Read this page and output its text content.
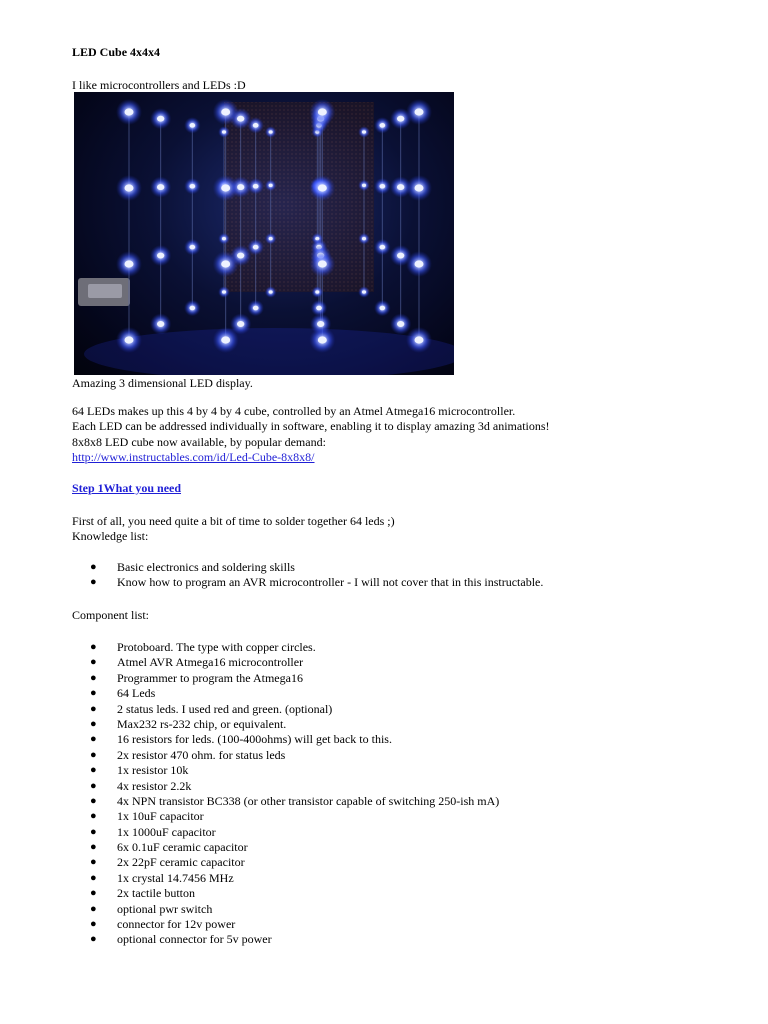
LED Cube 4x4x4

I like microcontrollers and LEDs :D

Amazing 3 dimensional LED display.

64 LEDs makes up this 4 by 4 by 4 cube, controlled by an Atmel Atmega16 microcontroller.
Each LED can be addressed individually in software, enabling it to display amazing 3d animations!
8x8x8 LED cube now available, by popular demand:
http://www.instructables.com/id/Led-Cube-8x8x8/

Step 1What you need

First of all, you need quite a bit of time to solder together 64 leds ;)
Knowledge list:
● Basic electronics and soldering skills
● Know how to program an AVR microcontroller - I will not cover that in this instructable.

Component list:

● Protoboard. The type with copper circles.
● Atmel AVR Atmega16 microcontroller
● Programmer to program the Atmega16
● 64 Leds
● 2 status leds. I used red and green. (optional)
● Max232 rs-232 chip, or equivalent.
● 16 resistors for leds. (100-400ohms) will get back to this.
● 2x resistor 470 ohm. for status leds
● 1x resistor 10k
● 4x resistor 2.2k
● 4x NPN transistor BC338 (or other transistor capable of switching 250-ish mA)
● 1x 10uF capacitor
● 1x 1000uF capacitor
● 6x 0.1uF ceramic capacitor
● 2x 22pF ceramic capacitor
● 1x crystal 14.7456 MHz
● 2x tactile button
● optional pwr switch
● connector for 12v power
● optional connector for 5v power
